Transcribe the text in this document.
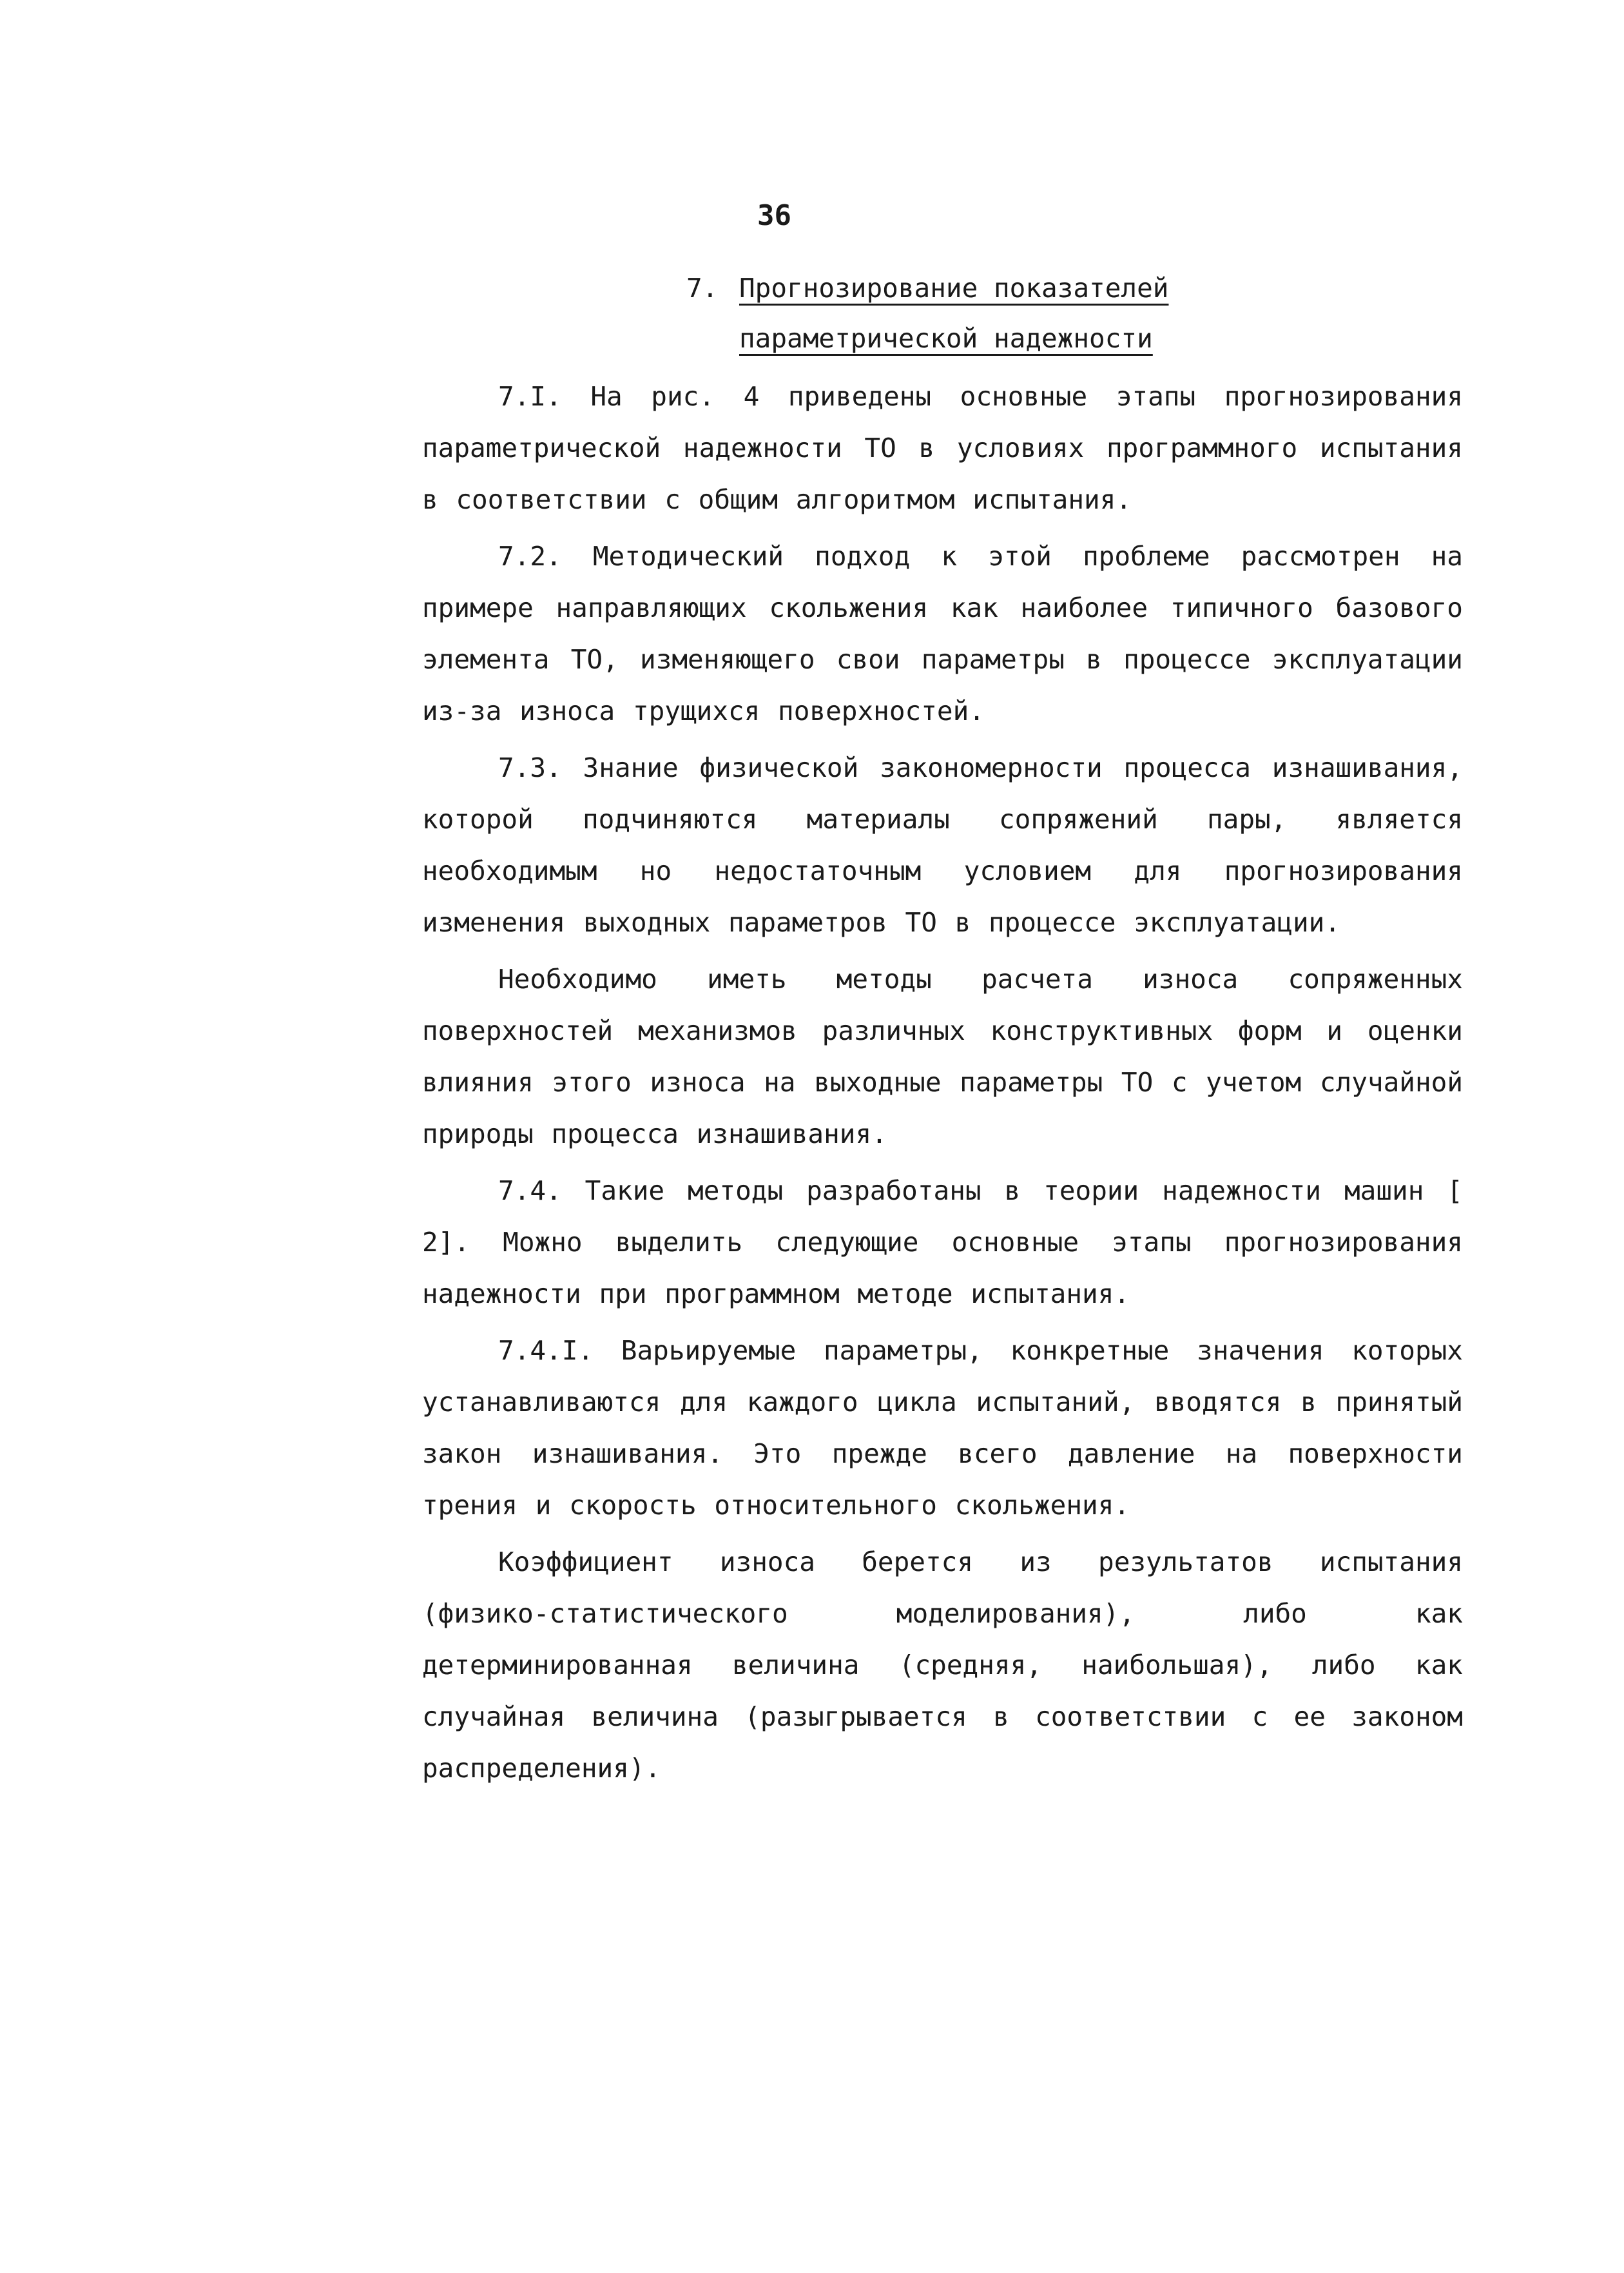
36
7. Прогнозирование показателей
параметрической надежности

7.I. На рис. 4 приведены основные этапы прогнозирования параmетрической надежности ТО в условиях программного испытания в соответствии с общим алгоритмом испытания.

7.2. Методический подход к этой проблеме рассмотрен на примере направляющих скольжения как наиболее типичного базового элемента ТО, изменяющего свои параметры в процессе эксплуатации из-за износа трущихся поверхностей.

7.3. Знание физической закономерности процесса изнашивания, которой подчиняются материалы сопряжений пары, является необходимым но недостаточным условием для прогнозирования изменения выходных параметров ТО в процессе эксплуатации.

Необходимо иметь методы расчета износа сопряженных поверхностей механизмов различных конструктивных форм и оценки влияния этого износа на выходные параметры ТО с учетом случайной природы процесса изнашивания.

7.4. Такие методы разработаны в теории надежности машин [ 2]. Можно выделить следующие основные этапы прогнозирования надежности при программном методе испытания.

7.4.I. Варьируемые параметры, конкретные значения которых устанавливаются для каждого цикла испытаний, вводятся в принятый закон изнашивания. Это прежде всего давление на поверхности трения и скорость относительного скольжения.

Коэффициент износа берется из результатов испытания (физико-статистического моделирования), либо как детерминированная величина (средняя, наибольшая), либо как случайная величина (разыгрывается в соответствии с ее законом распределения).
